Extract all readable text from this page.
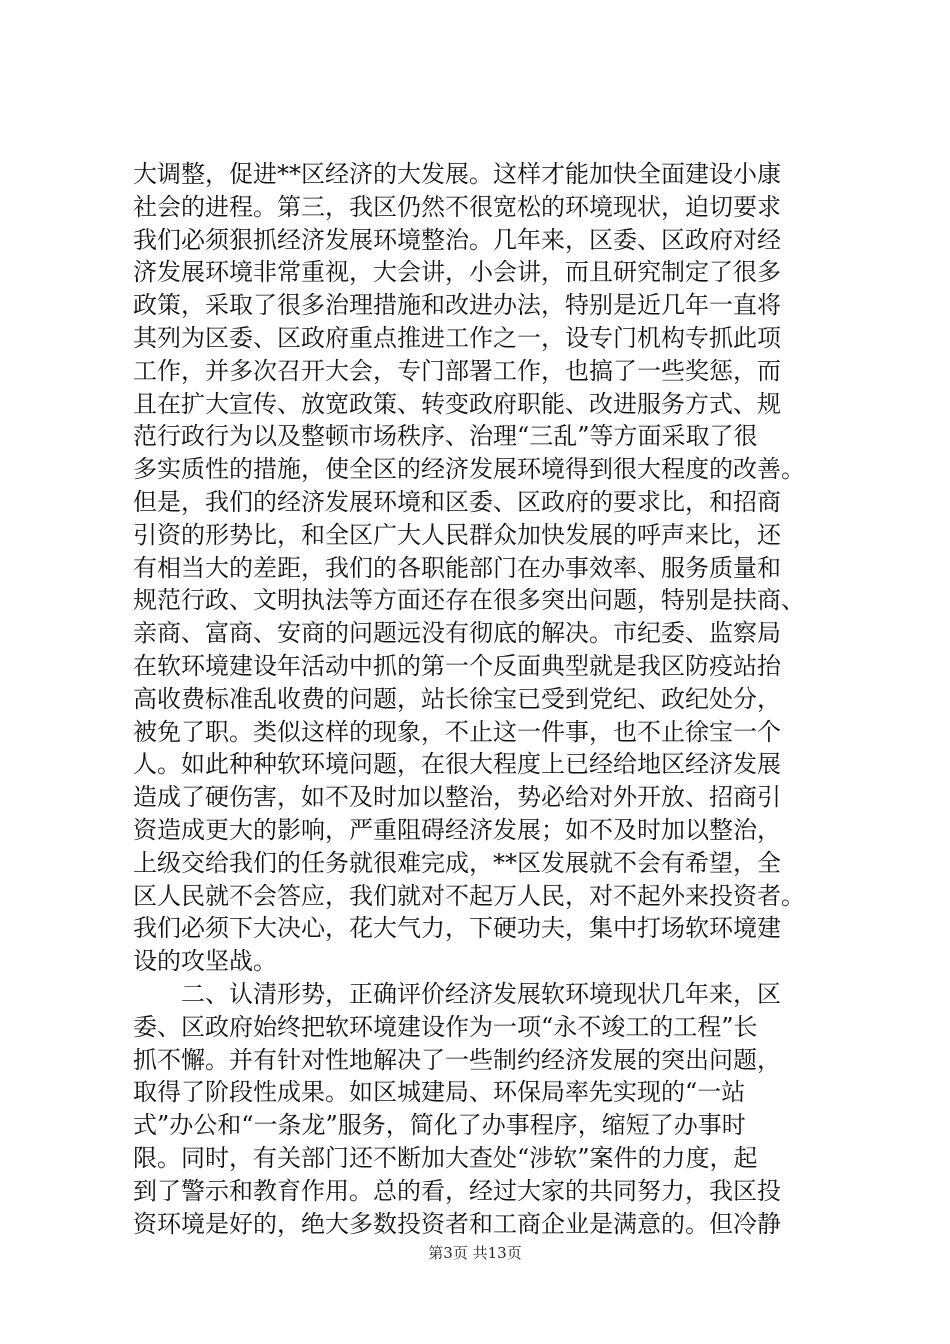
大调整，促进**区经济的大发展。这样才能加快全面建设小康
社会的进程。第三，我区仍然不很宽松的环境现状，迫切要求
我们必须狠抓经济发展环境整治。几年来，区委、区政府对经
济发展环境非常重视，大会讲，小会讲，而且研究制定了很多
政策，采取了很多治理措施和改进办法，特别是近几年一直将
其列为区委、区政府重点推进工作之一，设专门机构专抓此项
工作，并多次召开大会，专门部署工作，也搞了一些奖惩，而
且在扩大宣传、放宽政策、转变政府职能、改进服务方式、规
范行政行为以及整顿市场秩序、治理“三乱”等方面采取了很
多实质性的措施，使全区的经济发展环境得到很大程度的改善。
但是，我们的经济发展环境和区委、区政府的要求比，和招商
引资的形势比，和全区广大人民群众加快发展的呼声来比，还
有相当大的差距，我们的各职能部门在办事效率、服务质量和
规范行政、文明执法等方面还存在很多突出问题，特别是扶商、
亲商、富商、安商的问题远没有彻底的解决。市纪委、监察局
在软环境建设年活动中抓的第一个反面典型就是我区防疫站抬
高收费标准乱收费的问题，站长徐宝已受到党纪、政纪处分，
被免了职。类似这样的现象，不止这一件事，也不止徐宝一个
人。如此种种软环境问题，在很大程度上已经给地区经济发展
造成了硬伤害，如不及时加以整治，势必给对外开放、招商引
资造成更大的影响，严重阻碍经济发展；如不及时加以整治，
上级交给我们的任务就很难完成，**区发展就不会有希望，全
区人民就不会答应，我们就对不起万人民，对不起外来投资者。
我们必须下大决心，花大气力，下硬功夫，集中打场软环境建
设的攻坚战。
　　二、认清形势，正确评价经济发展软环境现状几年来，区
委、区政府始终把软环境建设作为一项“永不竣工的工程”长
抓不懈。并有针对性地解决了一些制约经济发展的突出问题，
取得了阶段性成果。如区城建局、环保局率先实现的“一站
式”办公和“一条龙”服务，简化了办事程序，缩短了办事时
限。同时，有关部门还不断加大查处“涉软”案件的力度，起
到了警示和教育作用。总的看，经过大家的共同努力，我区投
资环境是好的，绝大多数投资者和工商企业是满意的。但冷静
第3页 共13页
